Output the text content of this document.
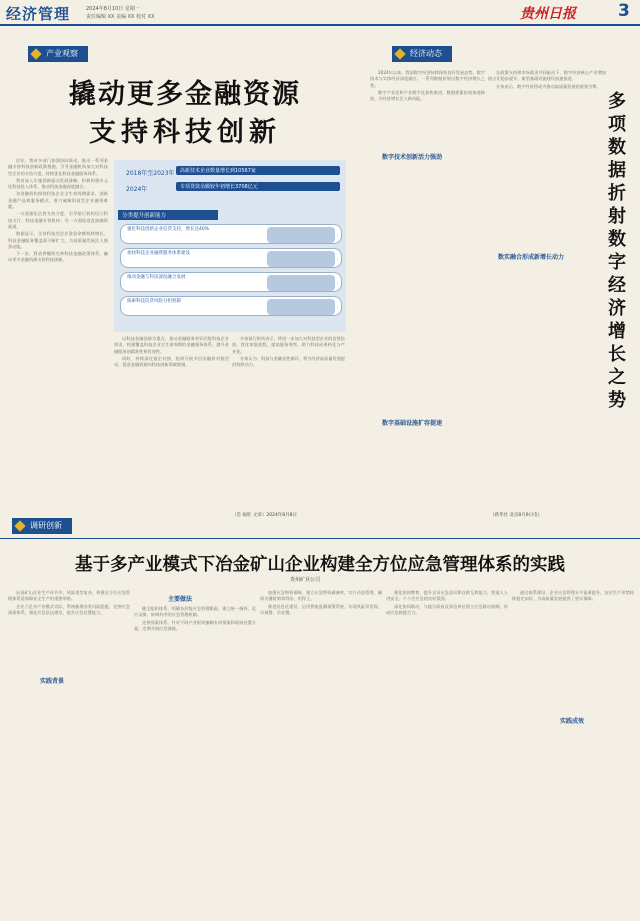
经济管理	2024年8月10日 星期一
责任编辑 XX 美编 XX 校对 XX	贵州日报 3
产业观察
撬动更多金融资源
支持科技创新

近年，我省多部门加强协同联动，推出一系列金融支持科技创新政策措施，引导金融机构加大对科技型企业的支持力度，持续优化科技金融服务体系。

我省深入实施创新驱动发展战略，积极构建多元化科技投入体系，推动科技金融深度融合。

各金融机构围绕科技企业全生命周期需求，创新金融产品和服务模式，着力破解科技型企业融资难题。

一方面强化信贷支持力度，引导银行机构设立科技支行、科技金融专营机构；另一方面拓宽直接融资渠道。

数据显示，全省科技型企业贷款余额持续增长，科技金融服务覆盖面不断扩大，为高质量发展注入强劲动能。

下一步，我省将继续完善科技金融政策体系，撬动更多金融资源支持科技创新。

2018年至2023年	高新技术企业数量增长到10567家
2024年	专项贷款余额较年初增长3708亿元
分类提升创新能力
强化科技创新企业信贷支持，增长达40%
加快科技企业融资服务体系建设
推动金融与科技深度融合发展
探索科技信贷风险分担机制

以科技金融创新为重点，推动金融服务更好匹配科技企业需求，构建覆盖科技企业全生命周期的金融服务体系，提升金融服务的精准性和有效性。

同时，持续深化银企对接，组织开展多层次融资对接活动，促进金融资源向科技创新领域集聚。

多家银行机构表示，将进一步加大对科技型企业的信贷投放，优化审批流程，提高服务效率，助力科技成果转化与产业化。

专家认为，科技与金融良性循环，将为经济高质量发展提供持续动力。

（肖 福旺 文章）2024年8月8日
经济动态

2024年以来，我国数字经济持续保持良好发展态势，数字技术与实体经济深度融合，一系列数据折射出数字经济增长之势。

数字产业化和产业数字化加快推进，数据要素价值加速释放，为经济增长注入新动能。

数字技术创新活力强劲
数字基础设施扩容提速

在政策支持和市场需求共同驱动下，数字经济核心产业增加值占比稳步提升，新型基础设施建设加速推进。

专家表示，数字经济将成为推动高质量发展的重要引擎。

数实融合形成新增长动力
多项数据折射数字经济增长之势
（新华社 北京8月9日电）
调研创新
基于多产业模式下冶金矿山企业构建全方位应急管理体系的实践
贵州矿业公司

冶金矿山企业生产环节多、风险类型复杂，构建全方位应急管理体系是保障安全生产的重要举措。

企业立足多产业模式实际，系统梳理各类风险隐患，完善应急预案体系，强化应急队伍建设，提升应急处置能力。

实践背景
主要做法

健全组织体系，明确各层级应急管理职责，建立统一指挥、反应灵敏、协调有序的应急管理机制。

完善预案体系，针对不同产业板块编制专项预案和现场处置方案，定期开展应急演练。

加强应急物资保障，建立应急物资储备库，实行动态管理，确保关键时刻拿得出、用得上。

推进信息化建设，运用智能监测预警系统，实现风险早发现、早预警、早处置。

强化培训教育，提升全员应急意识和自救互救能力，营造人人讲安全、个个会应急的良好氛围。

深化协同联动，与地方政府及周边单位建立应急联动机制，形成应急救援合力。

通过体系建设，企业应急管理水平显著提升，安全生产形势持续稳定向好，为高质量发展提供了坚实保障。

实践成效
